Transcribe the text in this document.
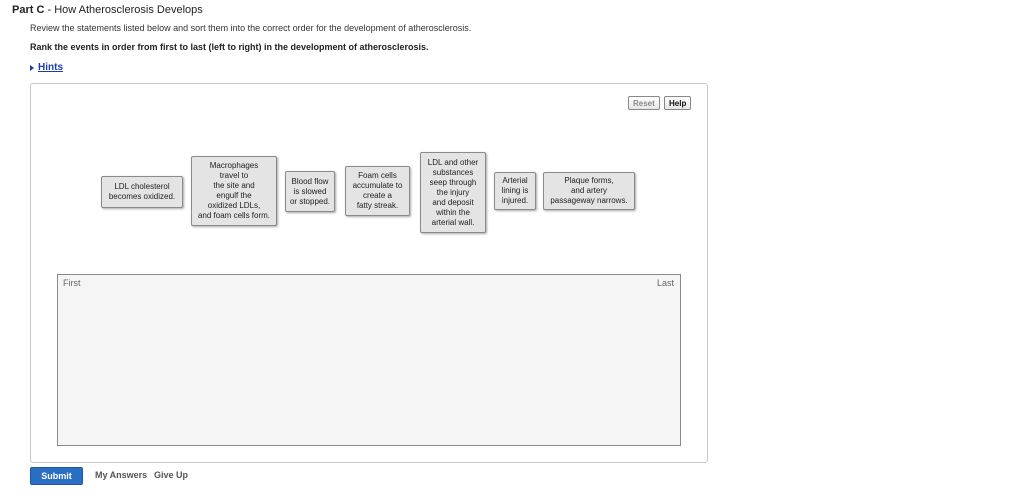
Part C - How Atherosclerosis Develops
Review the statements listed below and sort them into the correct order for the development of atherosclerosis.
Rank the events in order from first to last (left to right) in the development of atherosclerosis.
Hints
Reset	Help
LDL cholesterol
becomes oxidized.
Macrophages
travel to
the site and
engulf the
oxidized LDLs,
and foam cells form.
Blood flow
is slowed
or stopped.
Foam cells
accumulate to
create a
fatty streak.
LDL and other
substances
seep through
the injury
and deposit
within the
arterial wall.
Arterial
lining is
injured.
Plaque forms,
and artery
passageway narrows.
First	Last
Submit	My Answers Give Up
